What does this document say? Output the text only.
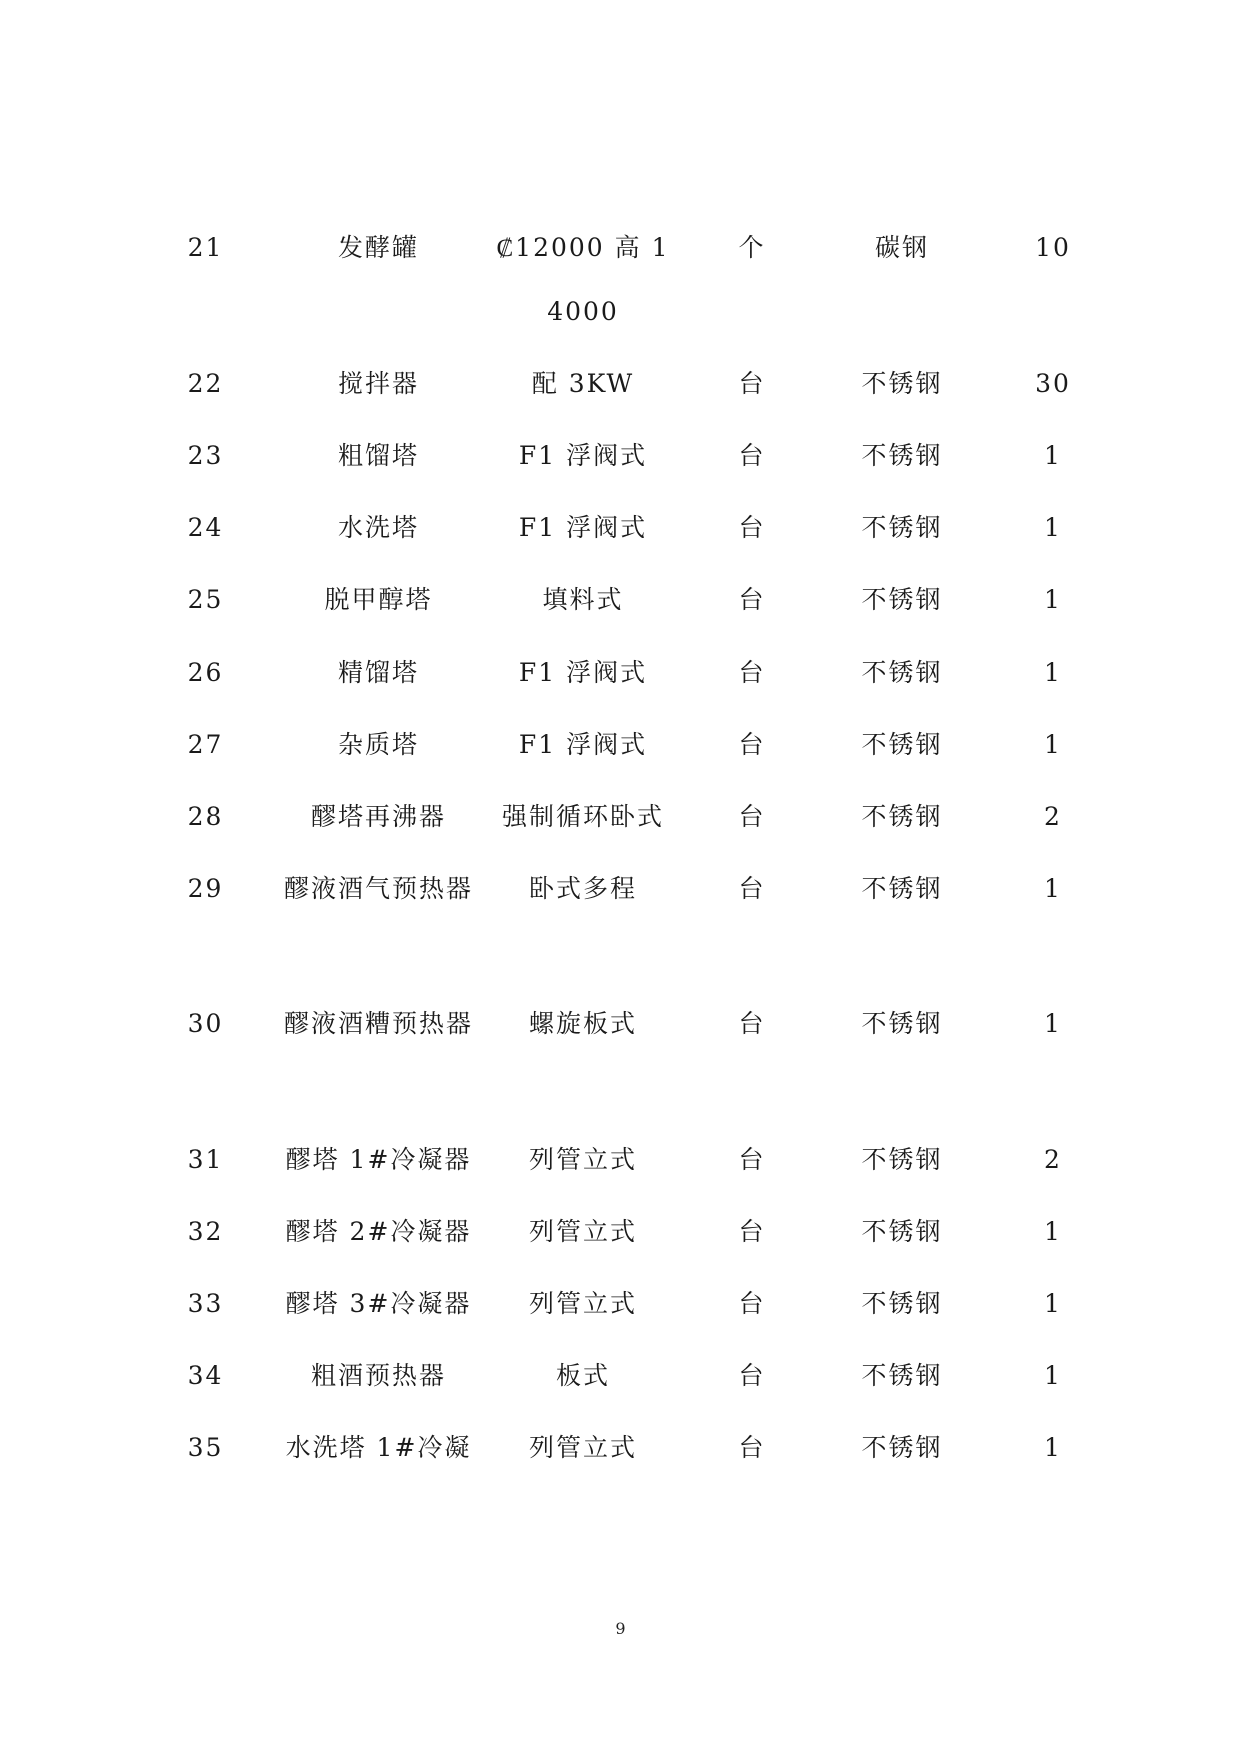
21	发酵罐	₡12000 高 14000	个	碳钢	10
22	搅拌器	配 3KW	台	不锈钢	30
23	粗馏塔	F1 浮阀式	台	不锈钢	1
24	水洗塔	F1 浮阀式	台	不锈钢	1
25	脱甲醇塔	填料式	台	不锈钢	1
26	精馏塔	F1 浮阀式	台	不锈钢	1
27	杂质塔	F1 浮阀式	台	不锈钢	1
28	醪塔再沸器	强制循环卧式	台	不锈钢	2
29	醪液酒气预热器	卧式多程	台	不锈钢	1
30	醪液酒糟预热器	螺旋板式	台	不锈钢	1
31	醪塔 1#冷凝器	列管立式	台	不锈钢	2
32	醪塔 2#冷凝器	列管立式	台	不锈钢	1
33	醪塔 3#冷凝器	列管立式	台	不锈钢	1
34	粗酒预热器	板式	台	不锈钢	1
35	水洗塔 1#冷凝	列管立式	台	不锈钢	1
9
